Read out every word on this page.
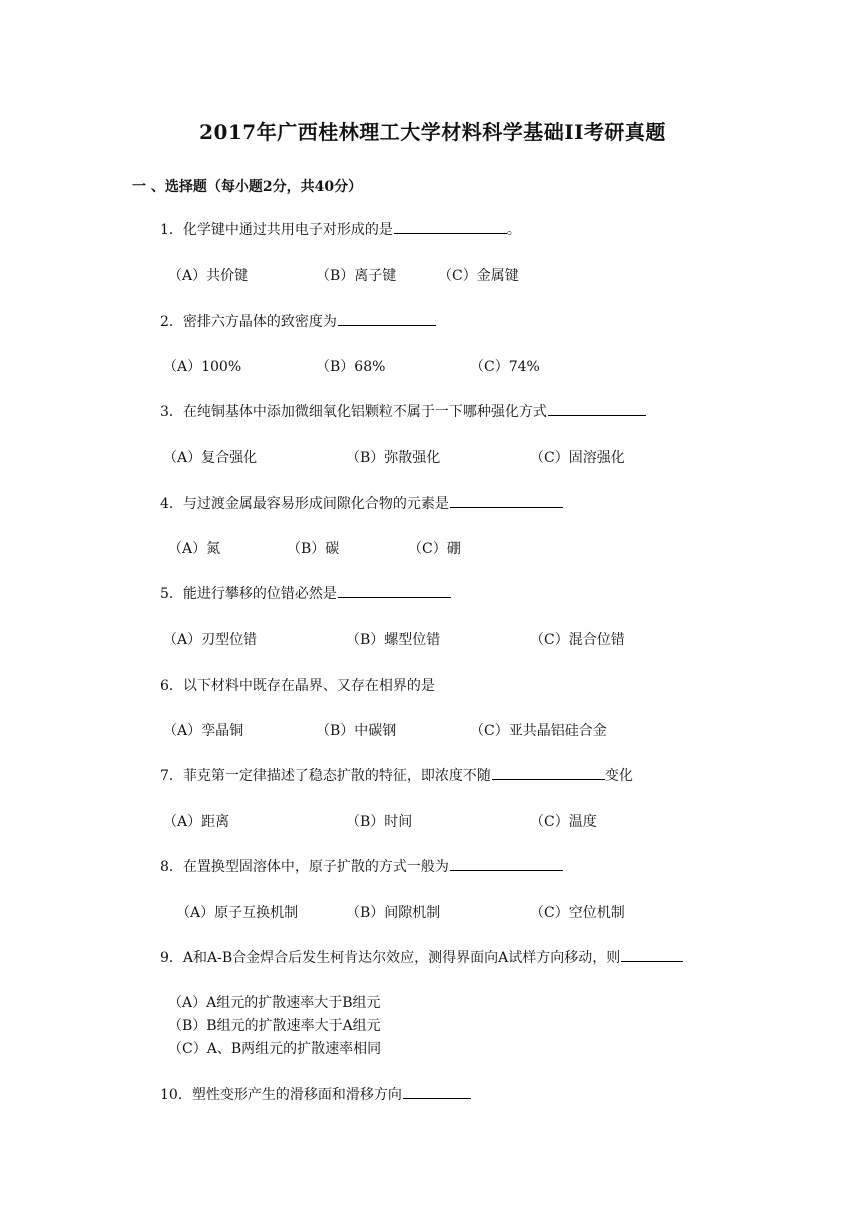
2017年广西桂林理工大学材料科学基础II考研真题
一 、选择题（每小题2分，共40分）
1．化学键中通过共用电子对形成的是	。
（A）共价键	（B）离子键	（C）金属键
2．密排六方晶体的致密度为
（A）100%	（B）68%	（C）74%
3．在纯铜基体中添加微细氧化铝颗粒不属于一下哪种强化方式
（A）复合强化	（B）弥散强化	（C）固溶强化
4．与过渡金属最容易形成间隙化合物的元素是
（A）氮	（B）碳	（C）硼
5．能进行攀移的位错必然是
（A）刃型位错	（B）螺型位错	（C）混合位错
6．以下材料中既存在晶界、又存在相界的是
（A）孪晶铜	（B）中碳钢	（C）亚共晶铝硅合金
7．菲克第一定律描述了稳态扩散的特征，即浓度不随	变化
（A）距离	（B）时间	（C）温度
8．在置换型固溶体中，原子扩散的方式一般为
（A）原子互换机制	（B）间隙机制	（C）空位机制
9．A和A-B合金焊合后发生柯肯达尔效应，测得界面向A试样方向移动，则
（A）A组元的扩散速率大于B组元
（B）B组元的扩散速率大于A组元
（C）A、B两组元的扩散速率相同
10．塑性变形产生的滑移面和滑移方向
